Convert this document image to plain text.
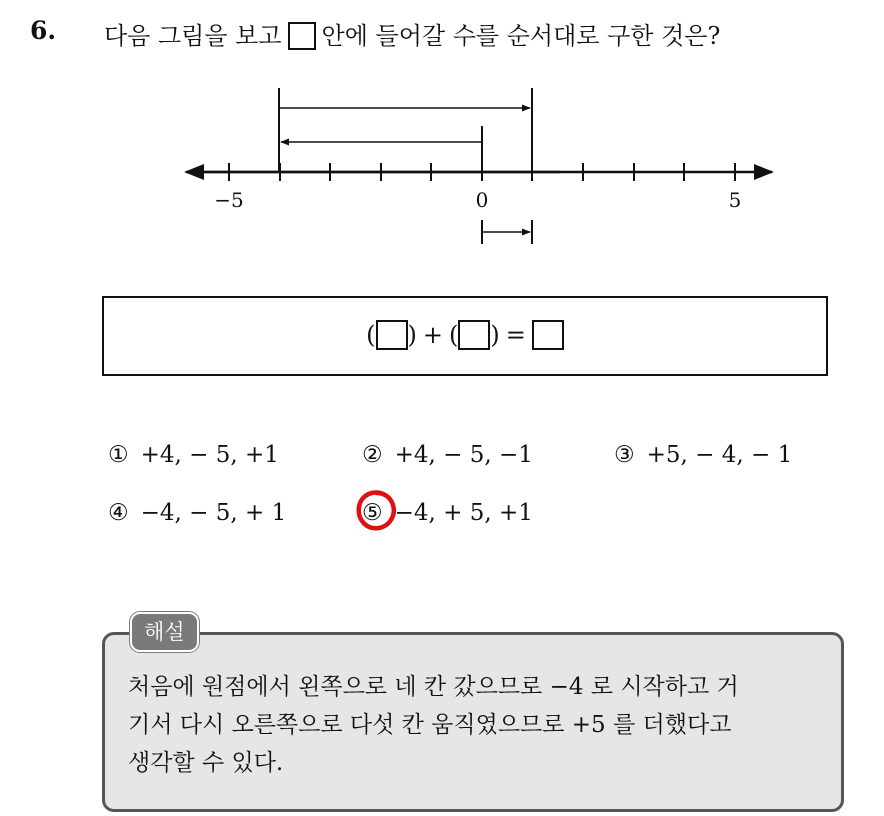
6. 다음 그림을 보고 안에 들어갈 수를 순서대로 구한 것은?
−5	0	5
( ) + ( ) =
① +4, − 5, +1	② +4, − 5, −1	③ +5, − 4, − 1
④ −4, − 5, + 1	⑤ −4, + 5, +1
해설
처음에 원점에서 왼쪽으로 네 칸 갔으므로 −4 로 시작하고 거
기서 다시 오른쪽으로 다섯 칸 움직였으므로 +5 를 더했다고
생각할 수 있다.
